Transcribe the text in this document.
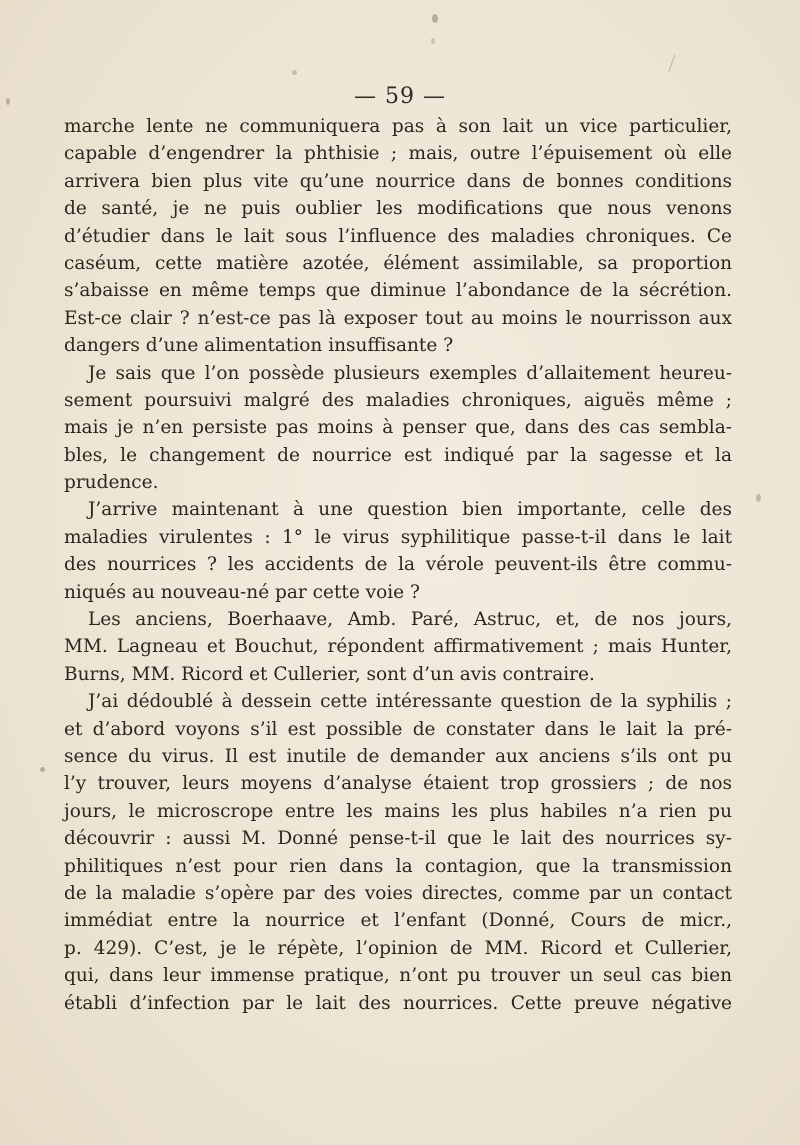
— 59 —
marche lente ne communiquera pas à son lait un vice particulier,
capable d’engendrer la phthisie ; mais, outre l’épuisement où elle
arrivera bien plus vite qu’une nourrice dans de bonnes conditions
de santé, je ne puis oublier les modifications que nous venons
d’étudier dans le lait sous l’influence des maladies chroniques. Ce
caséum, cette matière azotée, élément assimilable, sa proportion
s’abaisse en même temps que diminue l’abondance de la sécrétion.
Est-ce clair ? n’est-ce pas là exposer tout au moins le nourrisson aux
dangers d’une alimentation insuffisante ?
Je sais que l’on possède plusieurs exemples d’allaitement heureu-
sement poursuivi malgré des maladies chroniques, aiguës même ;
mais je n’en persiste pas moins à penser que, dans des cas sembla-
bles, le changement de nourrice est indiqué par la sagesse et la
prudence.
J’arrive maintenant à une question bien importante, celle des
maladies virulentes : 1° le virus syphilitique passe-t-il dans le lait
des nourrices ? les accidents de la vérole peuvent-ils être commu-
niqués au nouveau-né par cette voie ?
Les anciens, Boerhaave, Amb. Paré, Astruc, et, de nos jours,
MM. Lagneau et Bouchut, répondent affirmativement ; mais Hunter,
Burns, MM. Ricord et Cullerier, sont d’un avis contraire.
J’ai dédoublé à dessein cette intéressante question de la syphilis ;
et d’abord voyons s’il est possible de constater dans le lait la pré-
sence du virus. Il est inutile de demander aux anciens s’ils ont pu
l’y trouver, leurs moyens d’analyse étaient trop grossiers ; de nos
jours, le microscrope entre les mains les plus habiles n’a rien pu
découvrir : aussi M. Donné pense-t-il que le lait des nourrices sy-
philitiques n’est pour rien dans la contagion, que la transmission
de la maladie s’opère par des voies directes, comme par un contact
immédiat entre la nourrice et l’enfant (Donné, Cours de micr.,
p. 429). C’est, je le répète, l’opinion de MM. Ricord et Cullerier,
qui, dans leur immense pratique, n’ont pu trouver un seul cas bien
établi d’infection par le lait des nourrices. Cette preuve négative
